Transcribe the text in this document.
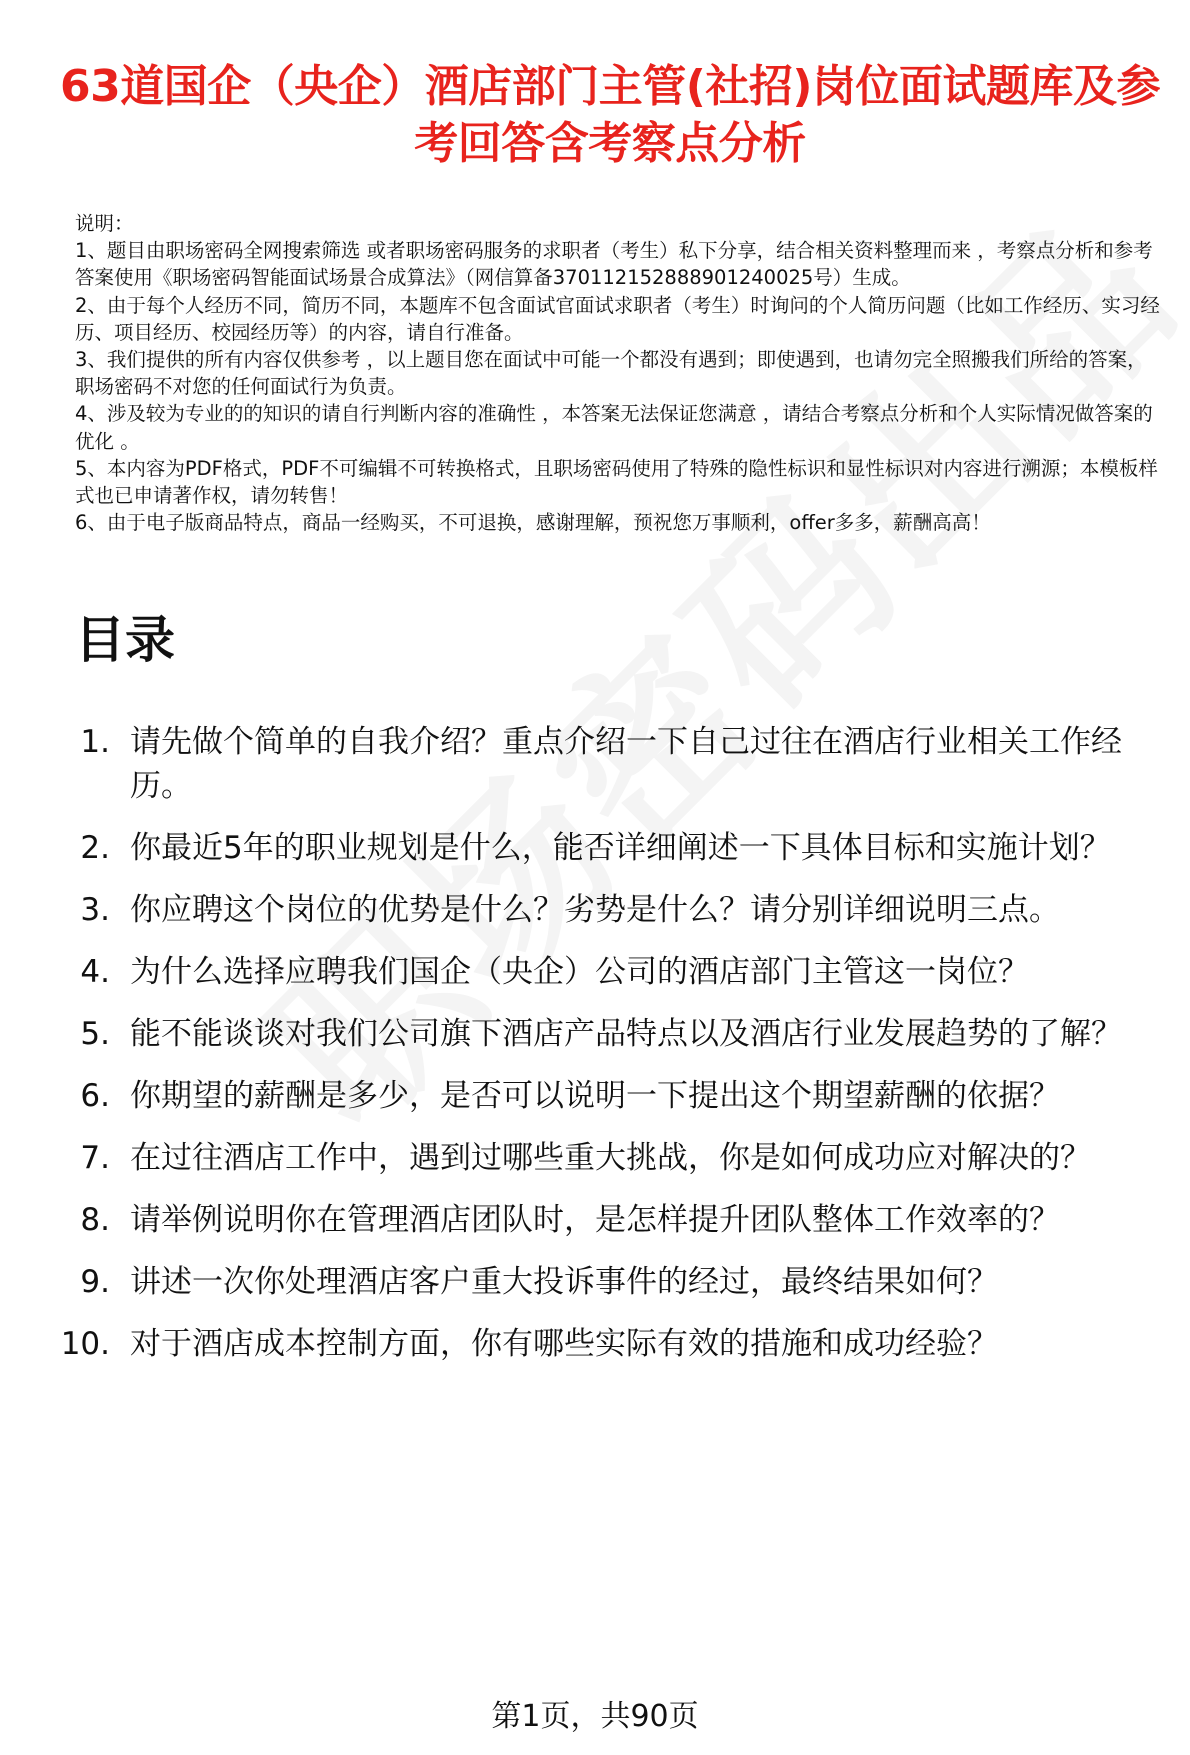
63道国企（央企）酒店部门主管(社招)岗位面试题库及参考回答含考察点分析

说明：

1、题目由职场密码全网搜索筛选 或者职场密码服务的求职者（考生）私下分享，结合相关资料整理而来 ，考察点分析和参考答案使用《职场密码智能面试场景合成算法》（网信算备370112152888901240025号）生成。

2、由于每个人经历不同，简历不同，本题库不包含面试官面试求职者（考生）时询问的个人简历问题（比如工作经历、实习经历、项目经历、校园经历等）的内容，请自行准备。

3、我们提供的所有内容仅供参考 ，以上题目您在面试中可能一个都没有遇到；即使遇到，也请勿完全照搬我们所给的答案，职场密码不对您的任何面试行为负责。

4、涉及较为专业的的知识的请自行判断内容的准确性 ，本答案无法保证您满意 ，请结合考察点分析和个人实际情况做答案的优化 。

5、本内容为PDF格式，PDF不可编辑不可转换格式，且职场密码使用了特殊的隐性标识和显性标识对内容进行溯源；本模板样式也已申请著作权，请勿转售！

6、由于电子版商品特点，商品一经购买，不可退换，感谢理解，预祝您万事顺利，offer多多，薪酬高高！

目录
1. 请先做个简单的自我介绍？重点介绍一下自己过往在酒店行业相关工作经历。
2. 你最近5年的职业规划是什么，能否详细阐述一下具体目标和实施计划？
3. 你应聘这个岗位的优势是什么？劣势是什么？请分别详细说明三点。
4. 为什么选择应聘我们国企（央企）公司的酒店部门主管这一岗位？
5. 能不能谈谈对我们公司旗下酒店产品特点以及酒店行业发展趋势的了解？
6. 你期望的薪酬是多少，是否可以说明一下提出这个期望薪酬的依据？
7. 在过往酒店工作中，遇到过哪些重大挑战，你是如何成功应对解决的？
8. 请举例说明你在管理酒店团队时，是怎样提升团队整体工作效率的？
9. 讲述一次你处理酒店客户重大投诉事件的经过，最终结果如何？
10. 对于酒店成本控制方面，你有哪些实际有效的措施和成功经验？
第1页，共90页
